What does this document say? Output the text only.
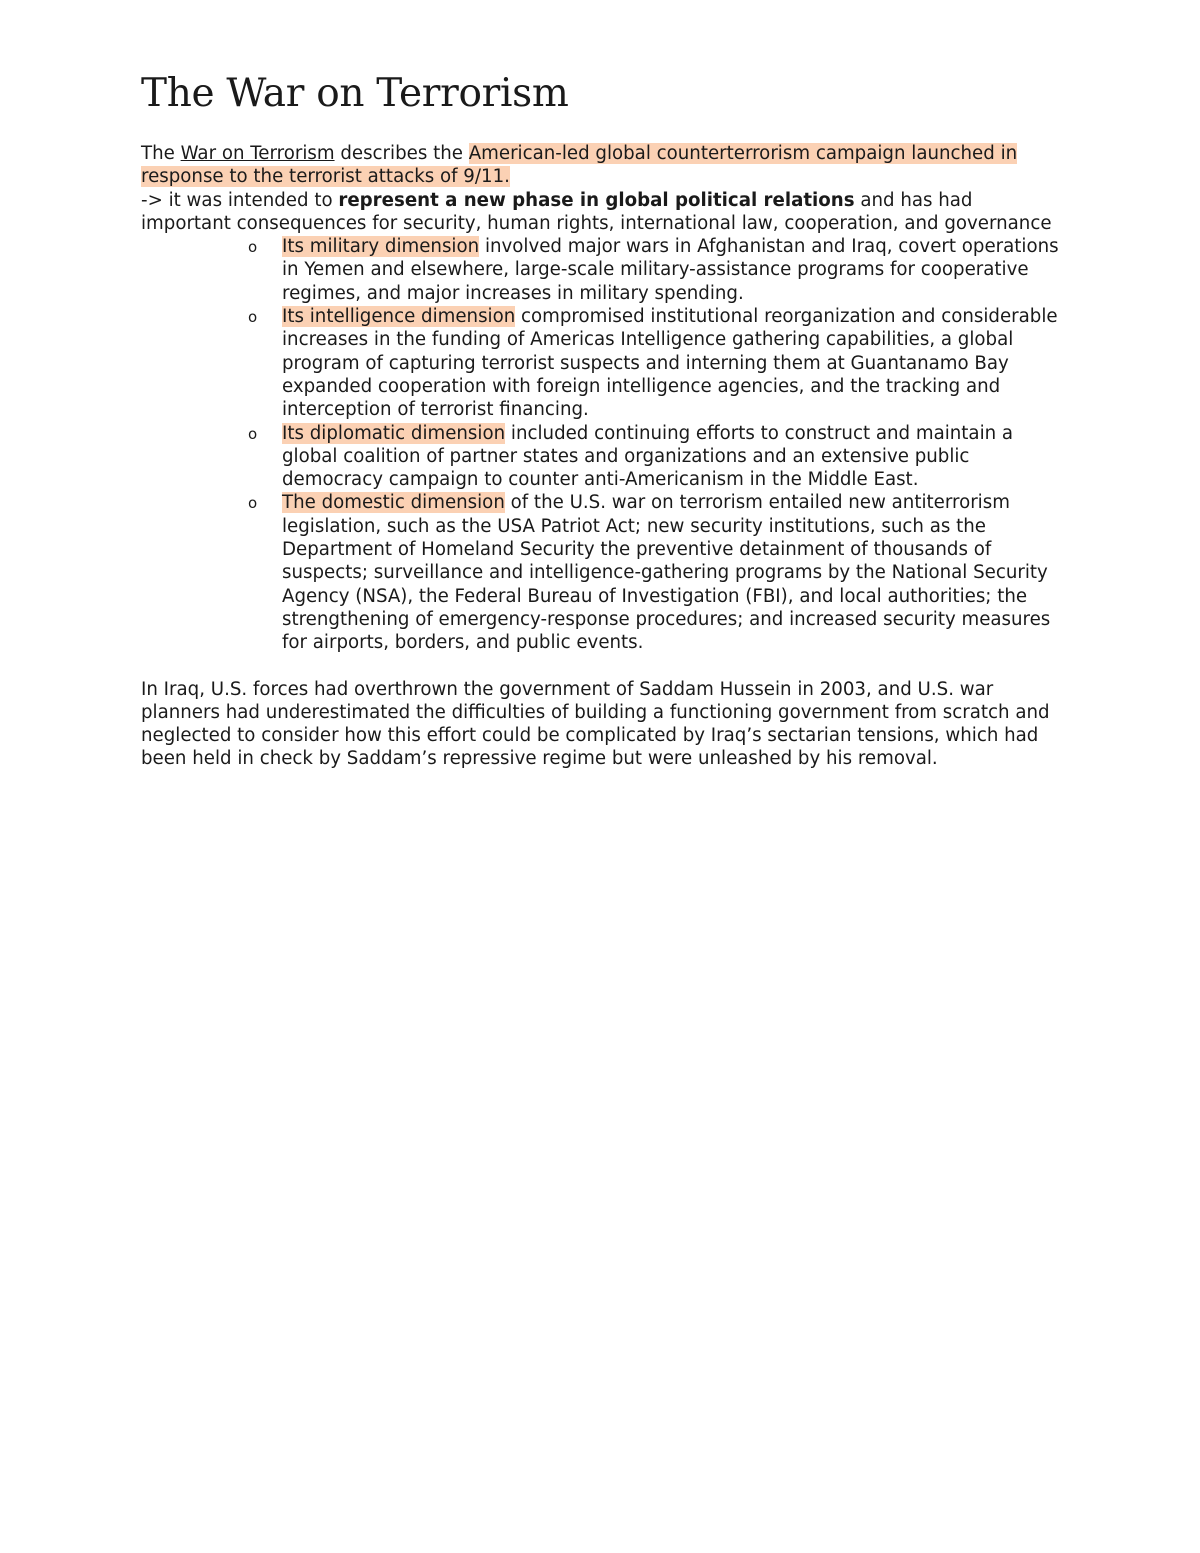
The War on Terrorism

The War on Terrorism describes the American-led global counterterrorism campaign launched in response to the terrorist attacks of 9/11.

-> it was intended to represent a new phase in global political relations and has had important consequences for security, human rights, international law, cooperation, and governance

o Its military dimension involved major wars in Afghanistan and Iraq, covert operations in Yemen and elsewhere, large-scale military-assistance programs for cooperative regimes, and major increases in military spending.
o Its intelligence dimension compromised institutional reorganization and considerable increases in the funding of Americas Intelligence gathering capabilities, a global program of capturing terrorist suspects and interning them at Guantanamo Bay expanded cooperation with foreign intelligence agencies, and the tracking and interception of terrorist financing.
o Its diplomatic dimension included continuing efforts to construct and maintain a global coalition of partner states and organizations and an extensive public democracy campaign to counter anti-Americanism in the Middle East.
o The domestic dimension of the U.S. war on terrorism entailed new antiterrorism legislation, such as the USA Patriot Act; new security institutions, such as the Department of Homeland Security the preventive detainment of thousands of suspects; surveillance and intelligence-gathering programs by the National Security Agency (NSA), the Federal Bureau of Investigation (FBI), and local authorities; the strengthening of emergency-response procedures; and increased security measures for airports, borders, and public events.

In Iraq, U.S. forces had overthrown the government of Saddam Hussein in 2003, and U.S. war planners had underestimated the difficulties of building a functioning government from scratch and neglected to consider how this effort could be complicated by Iraq’s sectarian tensions, which had been held in check by Saddam’s repressive regime but were unleashed by his removal.
